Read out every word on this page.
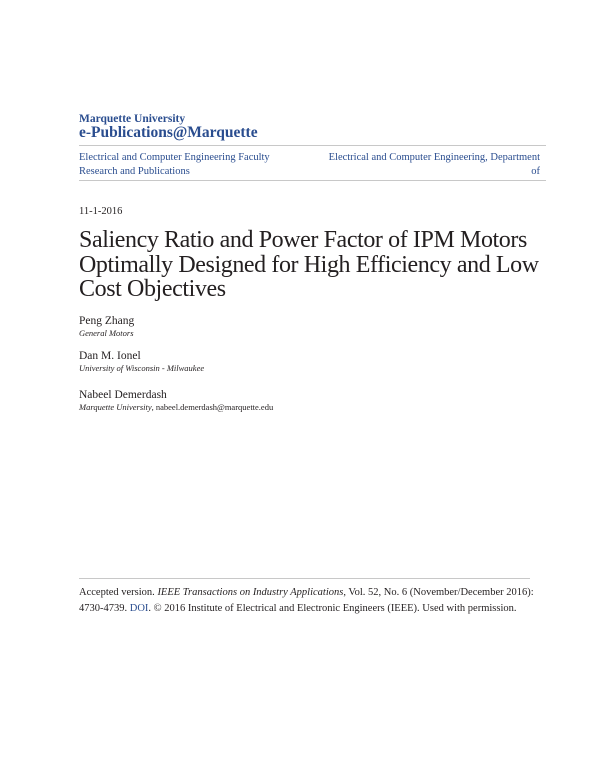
Marquette University
e-Publications@Marquette
Electrical and Computer Engineering Faculty Research and Publications
Electrical and Computer Engineering, Department
of
11-1-2016
Saliency Ratio and Power Factor of IPM Motors Optimally Designed for High Efficiency and Low Cost Objectives
Peng Zhang
General Motors
Dan M. Ionel
University of Wisconsin - Milwaukee
Nabeel Demerdash
Marquette University, nabeel.demerdash@marquette.edu
Accepted version. IEEE Transactions on Industry Applications, Vol. 52, No. 6 (November/December 2016): 4730-4739. DOI. © 2016 Institute of Electrical and Electronic Engineers (IEEE). Used with permission.
